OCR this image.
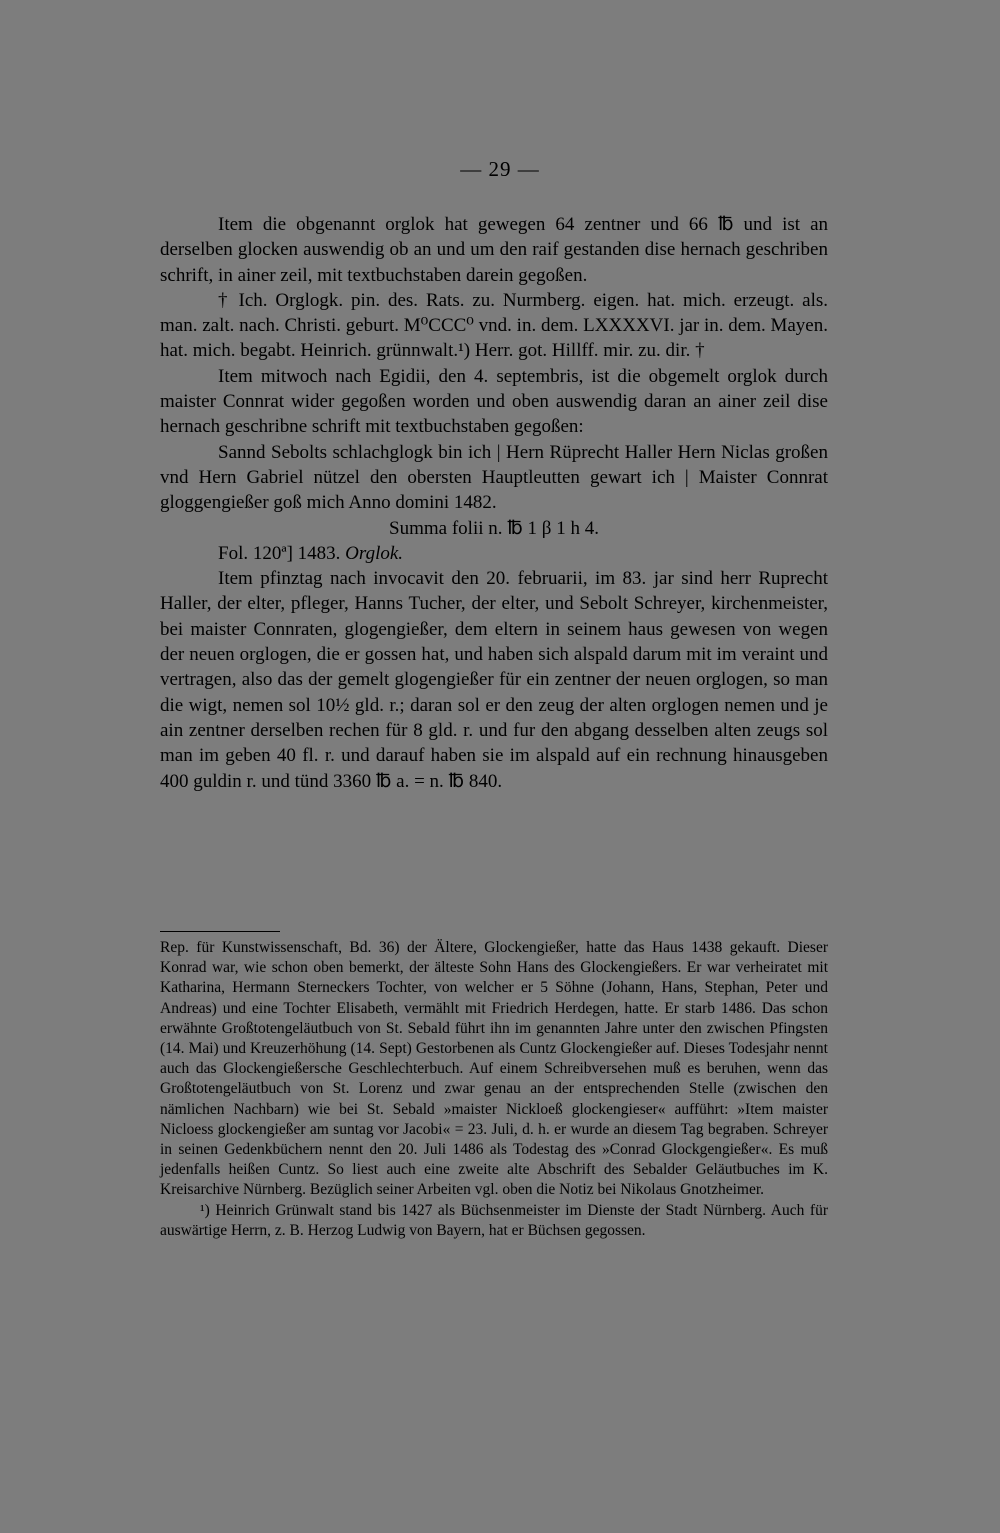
— 29 —

Item die obgenannt orglok hat gewegen 64 zentner und 66 ℔ und ist an derselben glocken auswendig ob an und um den raif gestanden dise hernach geschriben schrift, in ainer zeil, mit textbuchstaben darein gegoßen.

† Ich. Orglogk. pin. des. Rats. zu. Nurmberg. eigen. hat. mich. erzeugt. als. man. zalt. nach. Christi. geburt. M⁰CCC⁰ vnd. in. dem. LXXXXVI. jar in. dem. Mayen. hat. mich. begabt. Heinrich. grünnwalt.¹) Herr. got. Hillff. mir. zu. dir. †

Item mitwoch nach Egidii, den 4. septembris, ist die obgemelt orglok durch maister Connrat wider gegoßen worden und oben auswendig daran an ainer zeil dise hernach geschribne schrift mit textbuchstaben gegoßen:

Sannd Sebolts schlachglogk bin ich | Hern Rüprecht Haller Hern Niclas großen vnd Hern Gabriel nützel den obersten Hauptleutten gewart ich | Maister Connrat gloggengießer goß mich Anno domini 1482.

Summa folii n. ℔ 1 β 1 h 4.

Fol. 120ª] 1483. Orglok.

Item pfinztag nach invocavit den 20. februarii, im 83. jar sind herr Ruprecht Haller, der elter, pfleger, Hanns Tucher, der elter, und Sebolt Schreyer, kirchenmeister, bei maister Connraten, glogengießer, dem eltern in seinem haus gewesen von wegen der neuen orglogen, die er gossen hat, und haben sich alspald darum mit im veraint und vertragen, also das der gemelt glogengießer für ein zentner der neuen orglogen, so man die wigt, nemen sol 10½ gld. r.; daran sol er den zeug der alten orglogen nemen und je ain zentner derselben rechen für 8 gld. r. und fur den abgang desselben alten zeugs sol man im geben 40 fl. r. und darauf haben sie im alspald auf ein rechnung hinausgeben 400 guldin r. und tünd 3360 ℔ a. = n. ℔ 840.

Rep. für Kunstwissenschaft, Bd. 36) der Ältere, Glockengießer, hatte das Haus 1438 gekauft. Dieser Konrad war, wie schon oben bemerkt, der älteste Sohn Hans des Glockengießers. Er war verheiratet mit Katharina, Hermann Sterneckers Tochter, von welcher er 5 Söhne (Johann, Hans, Stephan, Peter und Andreas) und eine Tochter Elisabeth, vermählt mit Friedrich Herdegen, hatte. Er starb 1486. Das schon erwähnte Großtotengeläutbuch von St. Sebald führt ihn im genannten Jahre unter den zwischen Pfingsten (14. Mai) und Kreuzerhöhung (14. Sept) Gestorbenen als Cuntz Glockengießer auf. Dieses Todesjahr nennt auch das Glockengießersche Geschlechterbuch. Auf einem Schreibversehen muß es beruhen, wenn das Großtotengeläutbuch von St. Lorenz und zwar genau an der entsprechenden Stelle (zwischen den nämlichen Nachbarn) wie bei St. Sebald »maister Nickloeß glockengieser« aufführt: »Item maister Nicloess glockengießer am suntag vor Jacobi« = 23. Juli, d. h. er wurde an diesem Tag begraben. Schreyer in seinen Gedenkbüchern nennt den 20. Juli 1486 als Todestag des »Conrad Glockgengießer«. Es muß jedenfalls heißen Cuntz. So liest auch eine zweite alte Abschrift des Sebalder Geläutbuches im K. Kreisarchive Nürnberg. Bezüglich seiner Arbeiten vgl. oben die Notiz bei Nikolaus Gnotzheimer.

¹) Heinrich Grünwalt stand bis 1427 als Büchsenmeister im Dienste der Stadt Nürnberg. Auch für auswärtige Herrn, z. B. Herzog Ludwig von Bayern, hat er Büchsen gegossen.
